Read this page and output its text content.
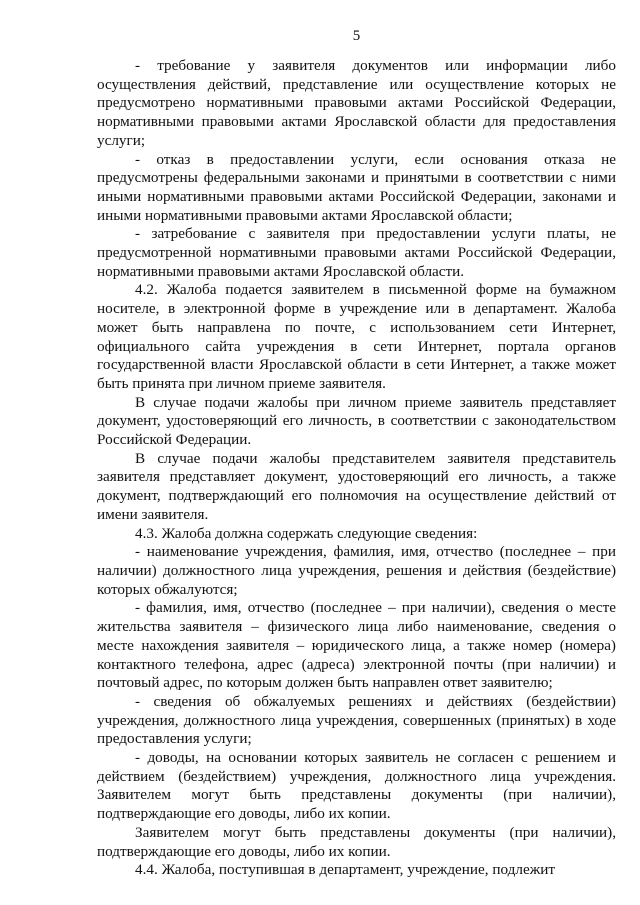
5

- требование у заявителя документов или информации либо осуществления действий, представление или осуществление которых не предусмотрено нормативными правовыми актами Российской Федерации, нормативными правовыми актами Ярославской области для предоставления услуги;

- отказ в предоставлении услуги, если основания отказа не предусмотрены федеральными законами и принятыми в соответствии с ними иными нормативными правовыми актами Российской Федерации, законами и иными нормативными правовыми актами Ярославской области;

- затребование с заявителя при предоставлении услуги платы, не предусмотренной нормативными правовыми актами Российской Федерации, нормативными правовыми актами Ярославской области.

4.2. Жалоба подается заявителем в письменной форме на бумажном носителе, в электронной форме в учреждение или в департамент. Жалоба может быть направлена по почте, с использованием сети Интернет, официального сайта учреждения в сети Интернет, портала органов государственной власти Ярославской области в сети Интернет, а также может быть принята при личном приеме заявителя.

В случае подачи жалобы при личном приеме заявитель представляет документ, удостоверяющий его личность, в соответствии с законодательством Российской Федерации.

В случае подачи жалобы представителем заявителя представитель заявителя представляет документ, удостоверяющий его личность, а также документ, подтверждающий его полномочия на осуществление действий от имени заявителя.

4.3. Жалоба должна содержать следующие сведения:

- наименование учреждения, фамилия, имя, отчество (последнее – при наличии) должностного лица учреждения, решения и действия (бездействие) которых обжалуются;

- фамилия, имя, отчество (последнее – при наличии), сведения о месте жительства заявителя – физического лица либо наименование, сведения о месте нахождения заявителя – юридического лица, а также номер (номера) контактного телефона, адрес (адреса) электронной почты (при наличии) и почтовый адрес, по которым должен быть направлен ответ заявителю;

- сведения об обжалуемых решениях и действиях (бездействии) учреждения, должностного лица учреждения, совершенных (принятых) в ходе предоставления услуги;

- доводы, на основании которых заявитель не согласен с решением и действием (бездействием) учреждения, должностного лица учреждения. Заявителем могут быть представлены документы (при наличии), подтверждающие его доводы, либо их копии.

Заявителем могут быть представлены документы (при наличии), подтверждающие его доводы, либо их копии.

4.4. Жалоба, поступившая в департамент, учреждение, подлежит
